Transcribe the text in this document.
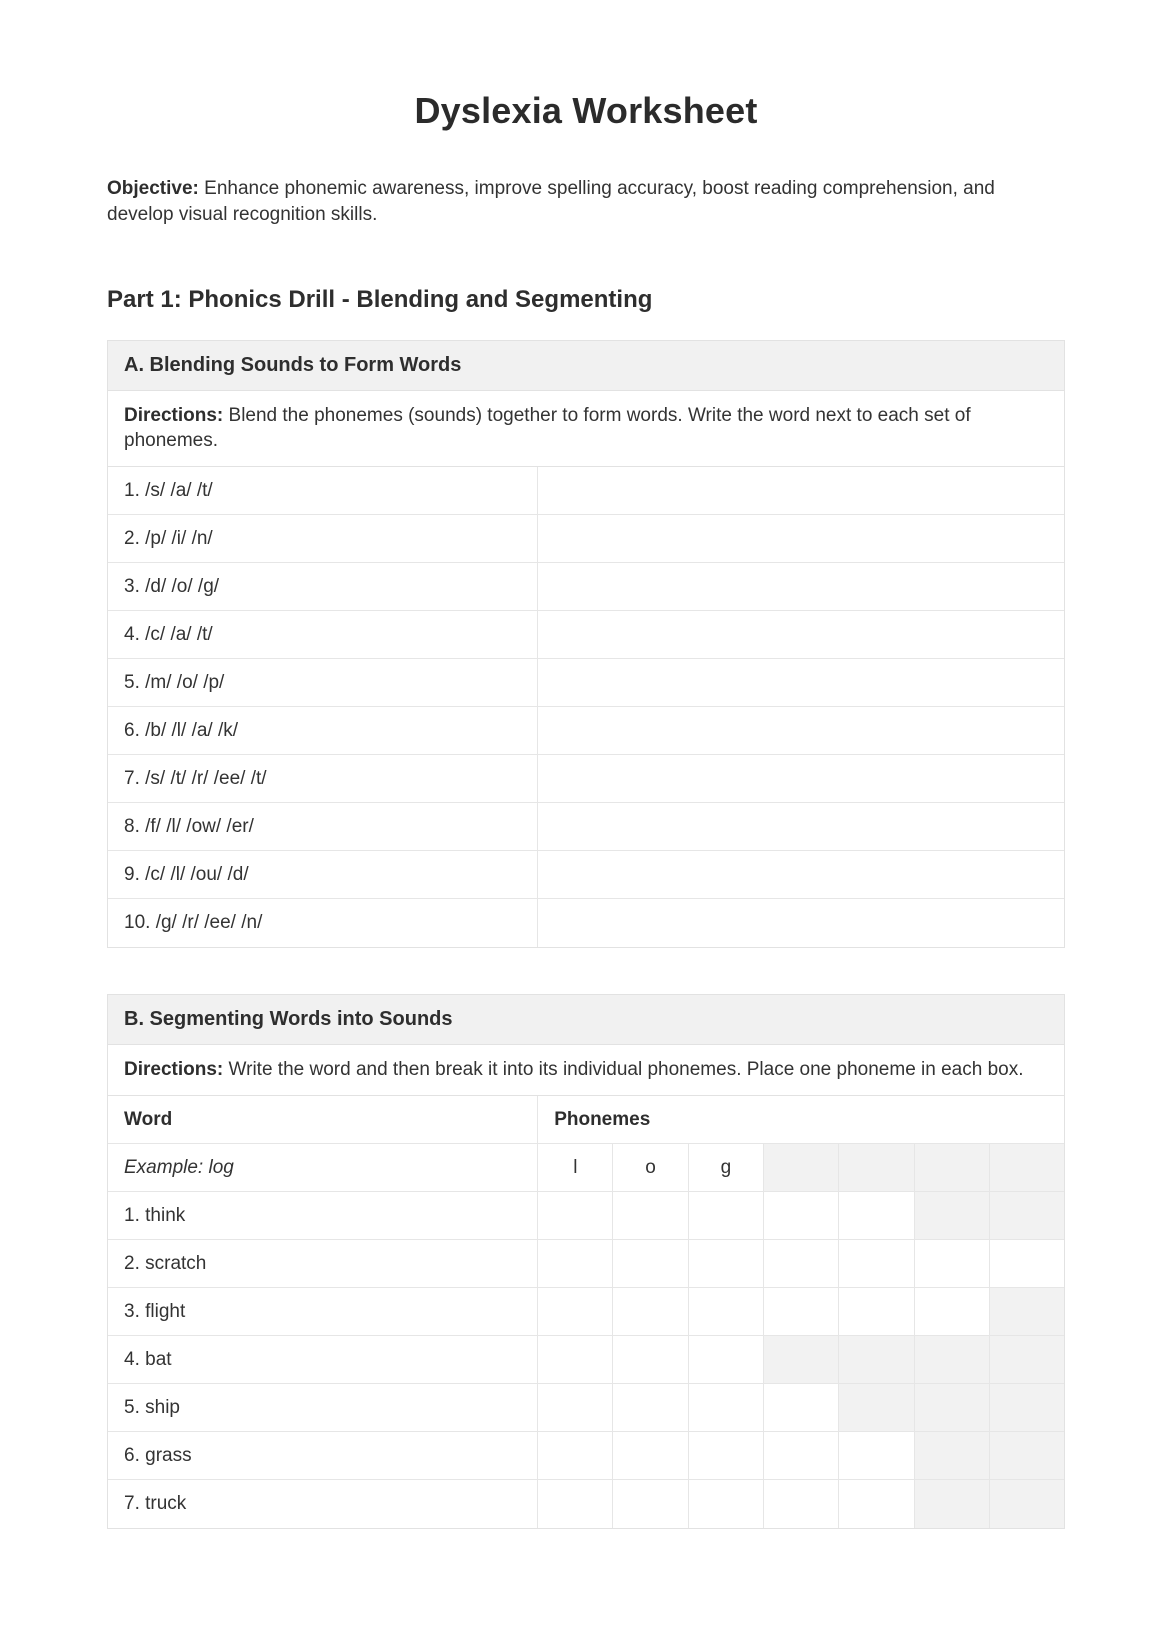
Dyslexia Worksheet

Objective: Enhance phonemic awareness, improve spelling accuracy, boost reading comprehension, and develop visual recognition skills.

Part 1: Phonics Drill - Blending and Segmenting
A. Blending Sounds to Form Words
Directions: Blend the phonemes (sounds) together to form words. Write the word next to each set of phonemes.
1. /s/ /a/ /t/
2. /p/ /i/ /n/
3. /d/ /o/ /g/
4. /c/ /a/ /t/
5. /m/ /o/ /p/
6. /b/ /l/ /a/ /k/
7. /s/ /t/ /r/ /ee/ /t/
8. /f/ /l/ /ow/ /er/
9. /c/ /l/ /ou/ /d/
10. /g/ /r/ /ee/ /n/
B. Segmenting Words into Sounds
Directions: Write the word and then break it into its individual phonemes. Place one phoneme in each box.
Word	Phonemes
Example: log	l	o	g
1. think
2. scratch
3. flight
4. bat
5. ship
6. grass
7. truck
